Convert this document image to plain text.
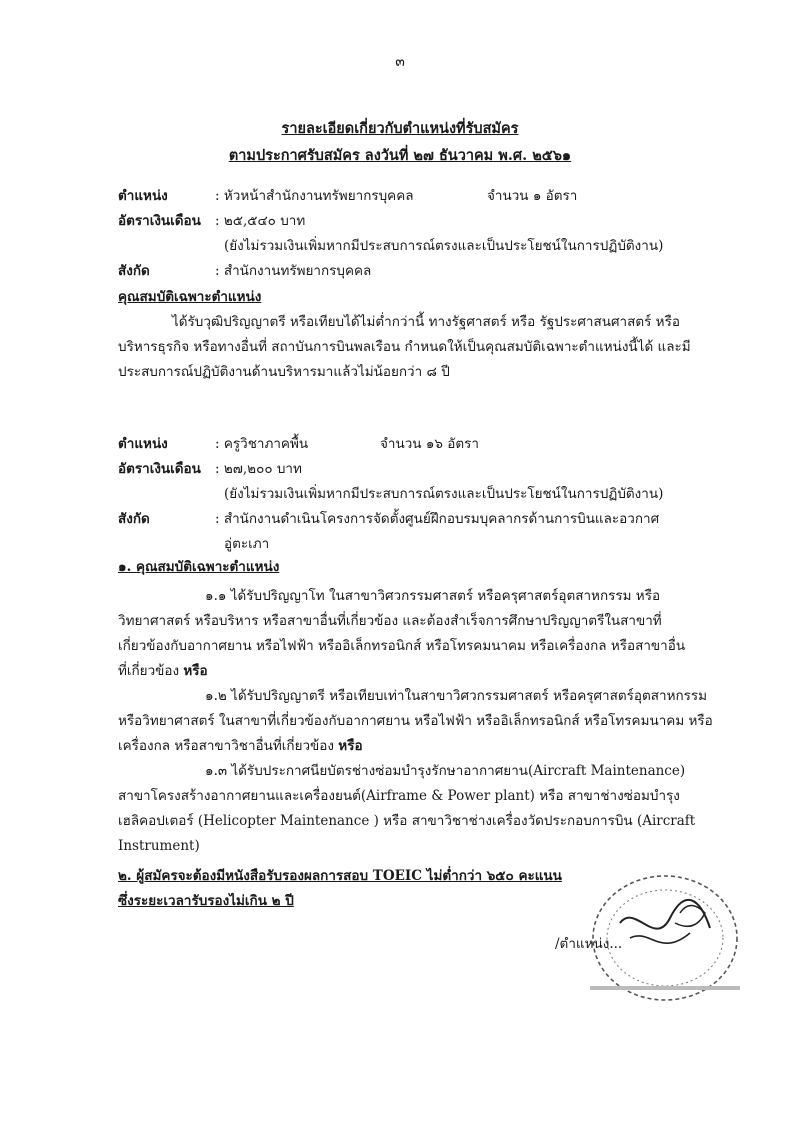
๓
รายละเอียดเกี่ยวกับตำแหน่งที่รับสมัคร
ตามประกาศรับสมัคร ลงวันที่ ๒๗ ธันวาคม พ.ศ. ๒๕๖๑
ตำแหน่ง	: หัวหน้าสำนักงานทรัพยากรบุคคล	จำนวน ๑ อัตรา
อัตราเงินเดือน : ๒๕,๕๔๐ บาท
(ยังไม่รวมเงินเพิ่มหากมีประสบการณ์ตรงและเป็นประโยชน์ในการปฏิบัติงาน)
สังกัด	: สำนักงานทรัพยากรบุคคล
คุณสมบัติเฉพาะตำแหน่ง
ได้รับวุฒิปริญญาตรี หรือเทียบได้ไม่ต่ำกว่านี้ ทางรัฐศาสตร์ หรือ รัฐประศาสนศาสตร์ หรือ
บริหารธุรกิจ หรือทางอื่นที่ สถาบันการบินพลเรือน กำหนดให้เป็นคุณสมบัติเฉพาะตำแหน่งนี้ได้ และมี
ประสบการณ์ปฏิบัติงานด้านบริหารมาแล้วไม่น้อยกว่า ๘ ปี
ตำแหน่ง	: ครูวิชาภาคพื้น	จำนวน ๑๖ อัตรา
อัตราเงินเดือน : ๒๗,๒๐๐ บาท
(ยังไม่รวมเงินเพิ่มหากมีประสบการณ์ตรงและเป็นประโยชน์ในการปฏิบัติงาน)
สังกัด	: สำนักงานดำเนินโครงการจัดตั้งศูนย์ฝึกอบรมบุคลากรด้านการบินและอวกาศ
อู่ตะเภา
๑. คุณสมบัติเฉพาะตำแหน่ง
๑.๑ ได้รับปริญญาโท ในสาขาวิศวกรรมศาสตร์ หรือครุศาสตร์อุตสาหกรรม หรือ
วิทยาศาสตร์ หรือบริหาร หรือสาขาอื่นที่เกี่ยวข้อง และต้องสำเร็จการศึกษาปริญญาตรีในสาขาที่
เกี่ยวข้องกับอากาศยาน หรือไฟฟ้า หรืออิเล็กทรอนิกส์ หรือโทรคมนาคม หรือเครื่องกล หรือสาขาอื่น
ที่เกี่ยวข้อง หรือ
๑.๒ ได้รับปริญญาตรี หรือเทียบเท่าในสาขาวิศวกรรมศาสตร์ หรือครุศาสตร์อุตสาหกรรม
หรือวิทยาศาสตร์ ในสาขาที่เกี่ยวข้องกับอากาศยาน หรือไฟฟ้า หรืออิเล็กทรอนิกส์ หรือโทรคมนาคม หรือ
เครื่องกล หรือสาขาวิชาอื่นที่เกี่ยวข้อง หรือ
๑.๓ ได้รับประกาศนียบัตรช่างซ่อมบำรุงรักษาอากาศยาน(Aircraft Maintenance)
สาขาโครงสร้างอากาศยานและเครื่องยนต์(Airframe & Power plant) หรือ สาขาช่างซ่อมบำรุง
เฮลิคอปเตอร์ (Helicopter Maintenance ) หรือ สาขาวิชาช่างเครื่องวัดประกอบการบิน (Aircraft
Instrument)
๒. ผู้สมัครจะต้องมีหนังสือรับรองผลการสอบ TOEIC ไม่ต่ำกว่า ๖๕๐ คะแนน
ซึ่งระยะเวลารับรองไม่เกิน ๒ ปี
/ตำแหน่ง...
